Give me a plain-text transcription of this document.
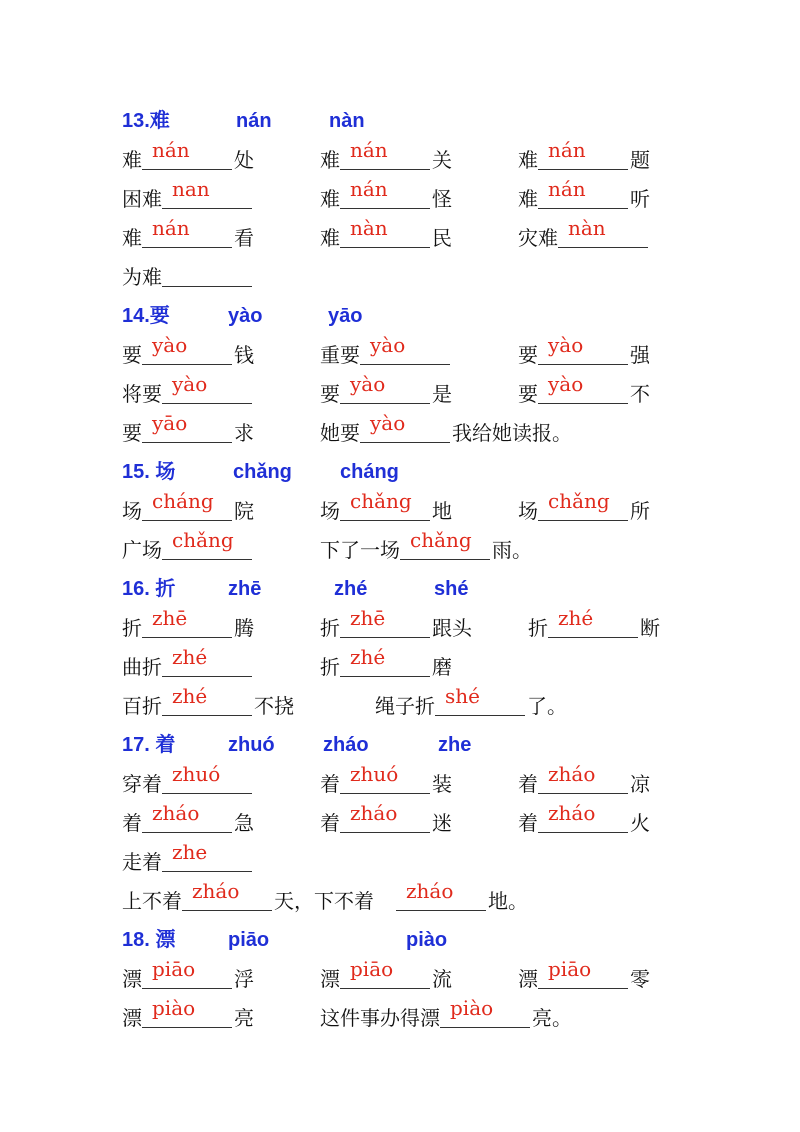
13.难	nán	nàn
14.要	yào	yāo
15. 场	chǎng cháng
16. 折	zhē	zhé	shé
17. 着	zhuó zháo	zhe
18. 漂	piāo	piào
难 nán 处	难 nán 关	难 nán 题
困难 nan	难 nán 怪	难 nán 听
难 nán 看	难 nàn 民	灾难 nàn
为难
要 yào 钱	重要 yào	要 yào 强
将要 yào	要 yào 是	要 yào 不
要 yāo 求	她要 yào 我给她读报。
场 cháng 院	场 chǎng 地	场 chǎng 所
广场 chǎng	下了一场 chǎng 雨。
折 zhē 腾	折 zhē 跟头	折 zhé 断
曲折 zhé	折 zhé 磨
百折 zhé 不挠	绳子折 shé 了。
穿着 zhuó	着 zhuó 装	着 zháo 凉
着 zháo 急	着 zháo 迷	着 zháo 火
走着 zhe
上不着 zháo 天，下不着 zháo 地。
漂 piāo 浮	漂 piāo 流	漂 piāo 零
漂 piào 亮	这件事办得漂 piào 亮。
